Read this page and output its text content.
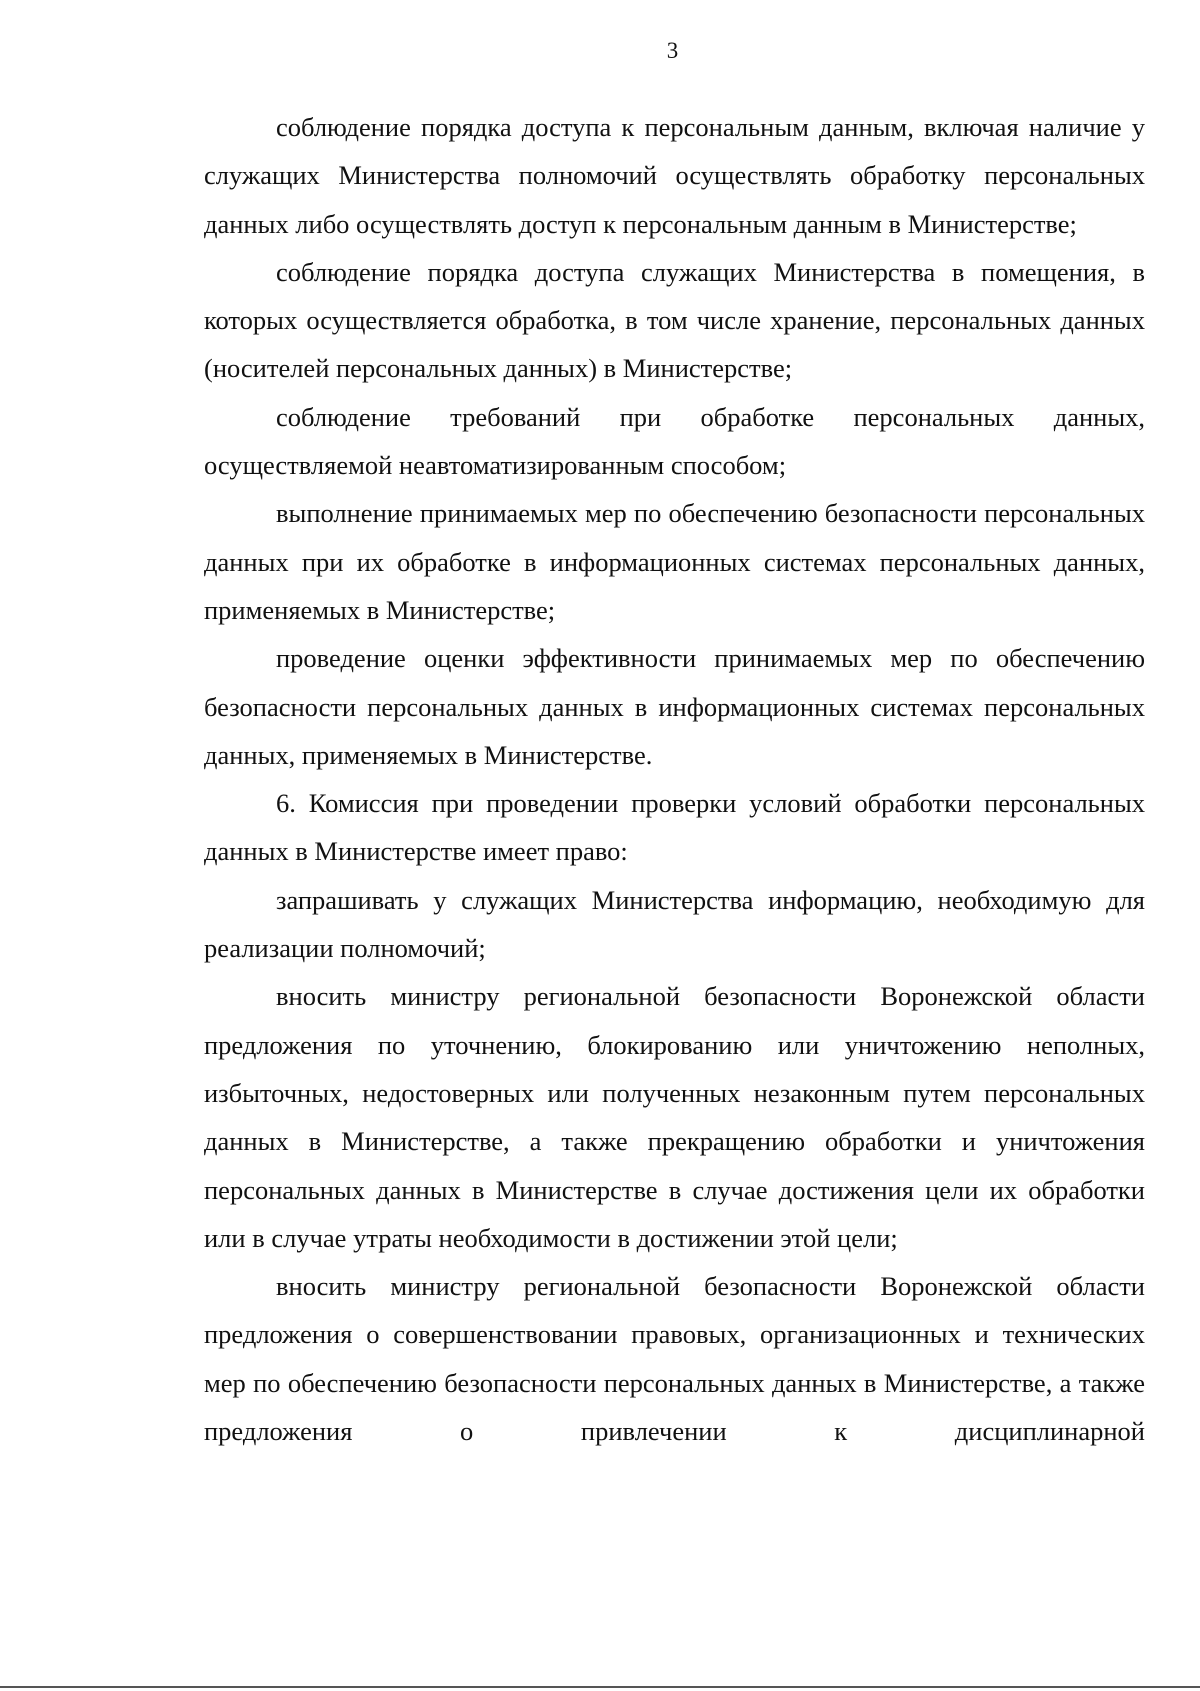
3

соблюдение порядка доступа к персональным данным, включая наличие у служащих Министерства полномочий осуществлять обработку персональных данных либо осуществлять доступ к персональным данным в Министерстве;

соблюдение порядка доступа служащих Министерства в помещения, в которых осуществляется обработка, в том числе хранение, персональных данных (носителей персональных данных) в Министерстве;

соблюдение требований при обработке персональных данных, осуществляемой неавтоматизированным способом;

выполнение принимаемых мер по обеспечению безопасности персональных данных при их обработке в информационных системах персональных данных, применяемых в Министерстве;

проведение оценки эффективности принимаемых мер по обеспечению безопасности персональных данных в информационных системах персональных данных, применяемых в Министерстве.

6. Комиссия при проведении проверки условий обработки персональных данных в Министерстве имеет право:

запрашивать у служащих Министерства информацию, необходимую для реализации полномочий;

вносить министру региональной безопасности Воронежской области предложения по уточнению, блокированию или уничтожению неполных, избыточных, недостоверных или полученных незаконным путем персональных данных в Министерстве, а также прекращению обработки и уничтожения персональных данных в Министерстве в случае достижения цели их обработки или в случае утраты необходимости в достижении этой цели;

вносить министру региональной безопасности Воронежской области предложения о совершенствовании правовых, организационных и технических мер по обеспечению безопасности персональных данных в Министерстве, а также предложения о привлечении к дисциплинарной
